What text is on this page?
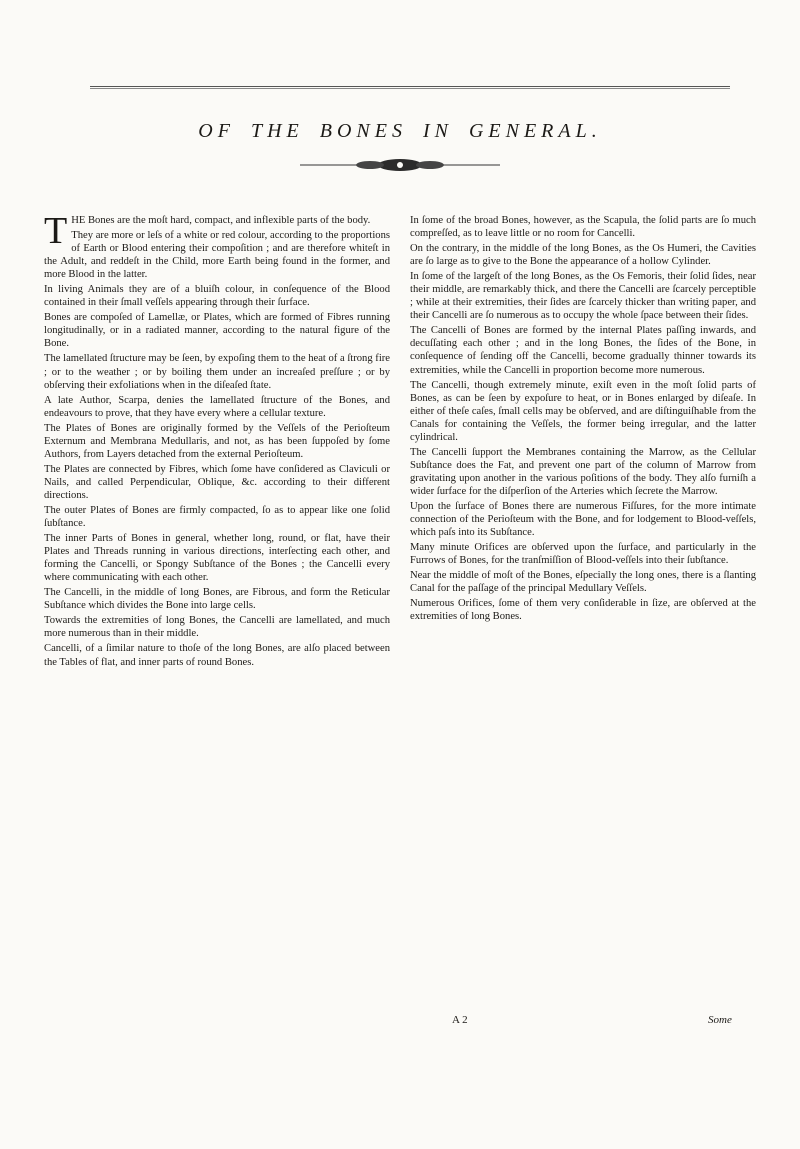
OF THE BONES IN GENERAL.

THE Bones are the moſt hard, compact, and inflexible parts of the body.

They are more or leſs of a white or red colour, according to the proportions of Earth or Blood entering their compoſition ; and are therefore whiteſt in the Adult, and reddeſt in the Child, more Earth being found in the former, and more Blood in the latter.

In living Animals they are of a bluiſh colour, in conſequence of the Blood contained in their ſmall veſſels appearing through their ſurface.

Bones are compoſed of Lamellæ, or Plates, which are formed of Fibres running longitudinally, or in a radiated manner, according to the natural figure of the Bone.

The lamellated ſtructure may be ſeen, by expoſing them to the heat of a ſtrong fire ; or to the weather ; or by boiling them under an increaſed preſſure ; or by obſerving their exfoliations when in the diſeaſed ſtate.

A late Author, Scarpa, denies the lamellated ſtructure of the Bones, and endeavours to prove, that they have every where a cellular texture.

The Plates of Bones are originally formed by the Veſſels of the Perioſteum Externum and Membrana Medullaris, and not, as has been ſuppoſed by ſome Authors, from Layers detached from the external Perioſteum.

The Plates are connected by Fibres, which ſome have conſidered as Claviculi or Nails, and called Perpendicular, Oblique, &c. according to their different directions.

The outer Plates of Bones are firmly compacted, ſo as to appear like one ſolid ſubſtance.

The inner Parts of Bones in general, whether long, round, or flat, have their Plates and Threads running in various directions, interſecting each other, and forming the Cancelli, or Spongy Subſtance of the Bones ; the Cancelli every where communicating with each other.

The Cancelli, in the middle of long Bones, are Fibrous, and form the Reticular Subſtance which divides the Bone into large cells.

Towards the extremities of long Bones, the Cancelli are lamellated, and much more numerous than in their middle.

Cancelli, of a ſimilar nature to thoſe of the long Bones, are alſo placed between the Tables of flat, and inner parts of round Bones.

In ſome of the broad Bones, however, as the Scapula, the ſolid parts are ſo much compreſſed, as to leave little or no room for Cancelli.

On the contrary, in the middle of the long Bones, as the Os Humeri, the Cavities are ſo large as to give to the Bone the appearance of a hollow Cylinder.

In ſome of the largeſt of the long Bones, as the Os Femoris, their ſolid ſides, near their middle, are remarkably thick, and there the Cancelli are ſcarcely perceptible ; while at their extremities, their ſides are ſcarcely thicker than writing paper, and their Cancelli are ſo numerous as to occupy the whole ſpace between their ſides.

The Cancelli of Bones are formed by the internal Plates paſſing inwards, and decuſſating each other ; and in the long Bones, the ſides of the Bone, in conſequence of ſending off the Cancelli, become gradually thinner towards its extremities, while the Cancelli in proportion become more numerous.

The Cancelli, though extremely minute, exiſt even in the moſt ſolid parts of Bones, as can be ſeen by expoſure to heat, or in Bones enlarged by diſeaſe. In either of theſe caſes, ſmall cells may be obſerved, and are diſtinguiſhable from the Canals for containing the Veſſels, the former being irregular, and the latter cylindrical.

The Cancelli ſupport the Membranes containing the Marrow, as the Cellular Subſtance does the Fat, and prevent one part of the column of Marrow from gravitating upon another in the various poſitions of the body. They alſo furniſh a wider ſurface for the diſperſion of the Arteries which ſecrete the Marrow.

Upon the ſurface of Bones there are numerous Fiſſures, for the more intimate connection of the Perioſteum with the Bone, and for lodgement to Blood-veſſels, which paſs into its Subſtance.

Many minute Orifices are obſerved upon the ſurface, and particularly in the Furrows of Bones, for the tranſmiſſion of Blood-veſſels into their ſubſtance.

Near the middle of moſt of the Bones, eſpecially the long ones, there is a ſlanting Canal for the paſſage of the principal Medullary Veſſels.

Numerous Orifices, ſome of them very conſiderable in ſize, are obſerved at the extremities of long Bones.

A 2	Some
